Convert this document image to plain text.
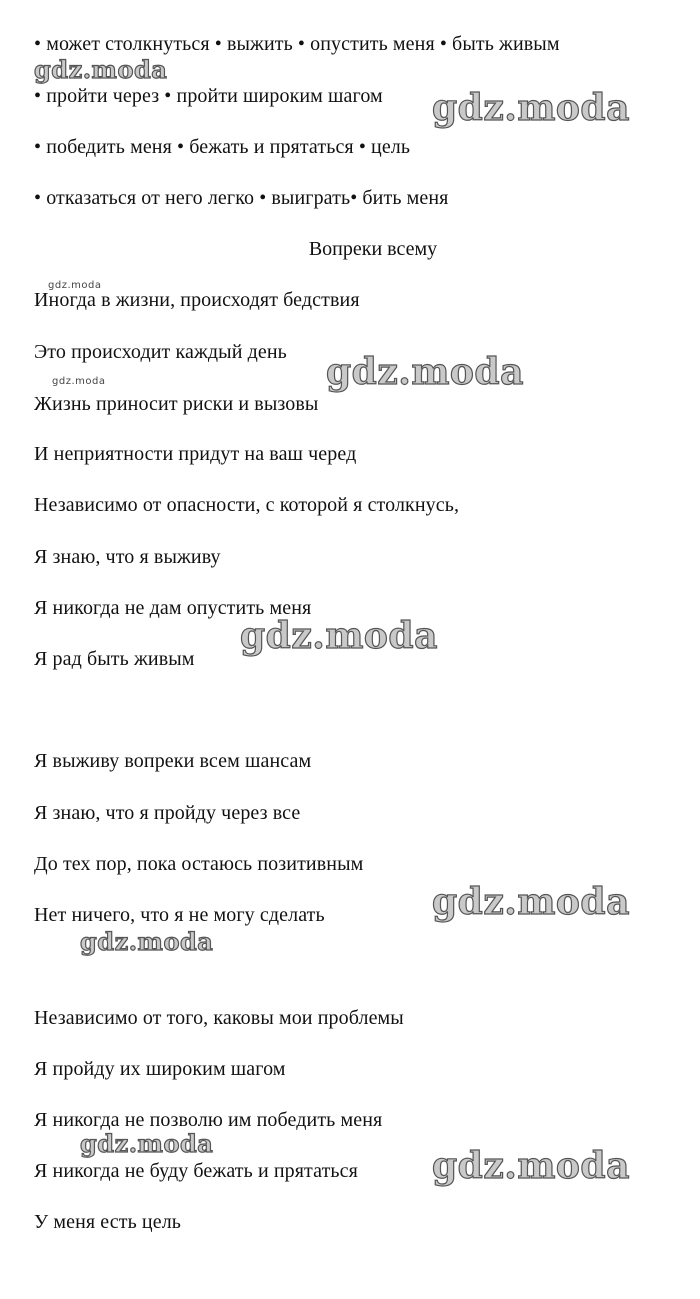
• может столкнуться • выжить • опустить меня • быть живым
• пройти через • пройти широким шагом
• победить меня • бежать и прятаться • цель
• отказаться от него легко • выиграть• бить меня
Вопреки всему
Иногда в жизни, происходят бедствия
Это происходит каждый день
Жизнь приносит риски и вызовы
И неприятности придут на ваш черед
Независимо от опасности, с которой я столкнусь,
Я знаю, что я выживу
Я никогда не дам опустить меня
Я рад быть живым
Я выживу вопреки всем шансам
Я знаю, что я пройду через все
До тех пор, пока остаюсь позитивным
Нет ничего, что я не могу сделать
Независимо от того, каковы мои проблемы
Я пройду их широким шагом
Я никогда не позволю им победить меня
Я никогда не буду бежать и прятаться
У меня есть цель
gdz.moda
gdz.moda
gdz.moda
gdz.moda
gdz.moda
gdz.moda
gdz.moda
gdz.moda
gdz.moda
gdz.moda
